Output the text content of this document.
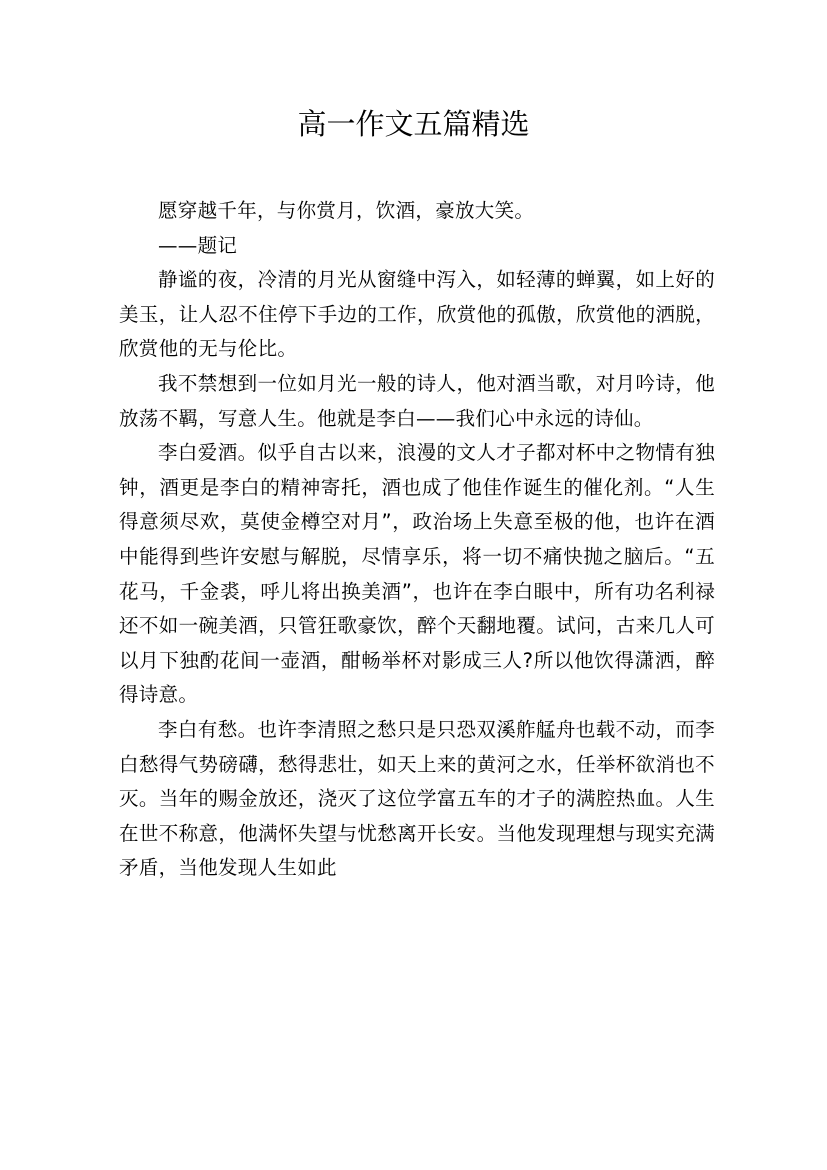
高一作文五篇精选

愿穿越千年，与你赏月，饮酒，豪放大笑。

——题记

静谧的夜，冷清的月光从窗缝中泻入，如轻薄的蝉翼，如上好的美玉，让人忍不住停下手边的工作，欣赏他的孤傲，欣赏他的洒脱，欣赏他的无与伦比。

我不禁想到一位如月光一般的诗人，他对酒当歌，对月吟诗，他放荡不羁，写意人生。他就是李白——我们心中永远的诗仙。

李白爱酒。似乎自古以来，浪漫的文人才子都对杯中之物情有独钟，酒更是李白的精神寄托，酒也成了他佳作诞生的催化剂。“人生得意须尽欢，莫使金樽空对月”，政治场上失意至极的他，也许在酒中能得到些许安慰与解脱，尽情享乐，将一切不痛快抛之脑后。“五花马，千金裘，呼儿将出换美酒”，也许在李白眼中，所有功名利禄还不如一碗美酒，只管狂歌豪饮，醉个天翻地覆。试问，古来几人可以月下独酌花间一壶酒，酣畅举杯对影成三人?所以他饮得潇洒，醉得诗意。

李白有愁。也许李清照之愁只是只恐双溪舴艋舟也载不动，而李白愁得气势磅礴，愁得悲壮，如天上来的黄河之水，任举杯欲消也不灭。当年的赐金放还，浇灭了这位学富五车的才子的满腔热血。人生在世不称意，他满怀失望与忧愁离开长安。当他发现理想与现实充满矛盾，当他发现人生如此
